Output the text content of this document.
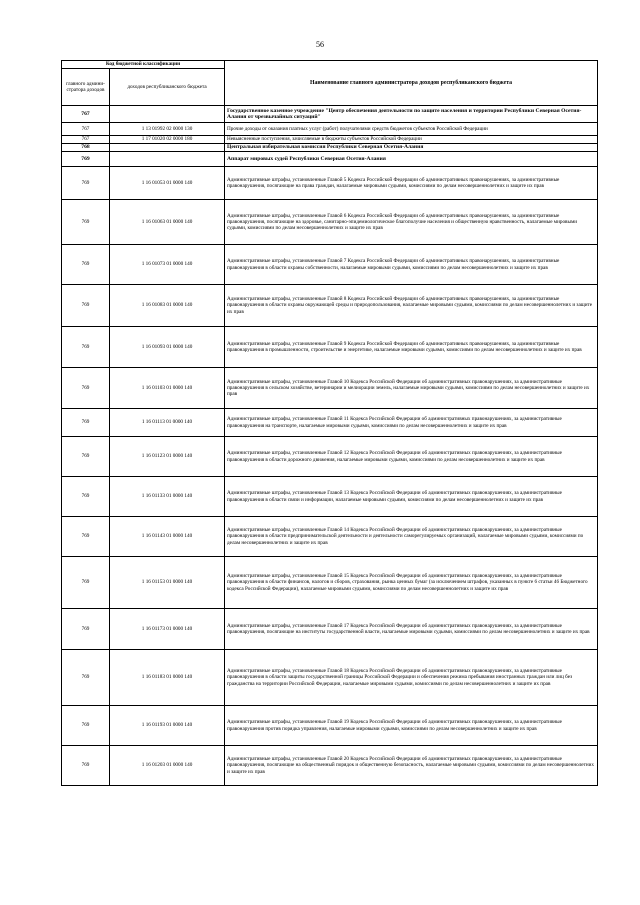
56
Код бюджетной классификации		Наименование главного администратора доходов республиканского бюджета
главного админи-стратора доходов	доходов республиканского бюджета	
767		Государственное казенное учреждение "Центр обеспечения деятельности по защите населения и территории Республики Северная Осетия-Алания от чрезвычайных ситуаций"
767	1 13 01992 02 0000 130	Прочие доходы от оказания платных услуг (работ) получателями средств бюджетов субъектов Российской Федерации
767	1 17 01020 02 0000 180	Невыясненные поступления, зачисляемые в бюджеты субъектов Российской Федерации
768		Центральная избирательная комиссия Республики Северная Осетия-Алания
769		Аппарат мировых судей Республики Северная Осетия-Алания
769	1 16 01053 01 0000 140	Административные штрафы, установленные Главой 5 Кодекса Российской Федерации об административных правонарушениях, за административные правонарушения, посягающие на права граждан, налагаемые мировыми судьями, комиссиями по делам несовершеннолетних и защите их прав
769	1 16 01063 01 0000 140	Административные штрафы, установленные Главой 6 Кодекса Российской Федерации об административных правонарушениях, за административные правонарушения, посягающие на здоровье, санитарно-эпидемиологическое благополучие населения и общественную нравственность, налагаемые мировыми судьями, комиссиями по делам несовершеннолетних и защите их прав
769	1 16 01073 01 0000 140	Административные штрафы, установленные Главой 7 Кодекса Российской Федерации об административных правонарушениях, за административные правонарушения в области охраны собственности, налагаемые мировыми судьями, комиссиями по делам несовершеннолетних и защите их прав
769	1 16 01083 01 0000 140	Административные штрафы, установленные Главой 8 Кодекса Российской Федерации об административных правонарушениях, за административные правонарушения в области охраны окружающей среды и природопользования, налагаемые мировыми судьями, комиссиями по делам несовершеннолетних и защите их прав
769	1 16 01093 01 0000 140	Административные штрафы, установленные Главой 9 Кодекса Российской Федерации об административных правонарушениях, за административные правонарушения в промышленности, строительстве и энергетике, налагаемые мировыми судьями, комиссиями по делам несовершеннолетних и защите их прав
769	1 16 01103 01 0000 140	Административные штрафы, установленные Главой 10 Кодекса Российской Федерации об административных правонарушениях, за административные правонарушения в сельском хозяйстве, ветеринарии и мелиорации земель, налагаемые мировыми судьями, комиссиями по делам несовершеннолетних и защите их прав
769	1 16 01113 01 0000 140	Административные штрафы, установленные Главой 11 Кодекса Российской Федерации об административных правонарушениях, за административные правонарушения на транспорте, налагаемые мировыми судьями, комиссиями по делам несовершеннолетних и защите их прав
769	1 16 01123 01 0000 140	Административные штрафы, установленные Главой 12 Кодекса Российской Федерации об административных правонарушениях, за административные правонарушения в области дорожного движения, налагаемые мировыми судьями, комиссиями по делам несовершеннолетних и защите их прав
769	1 16 01133 01 0000 140	Административные штрафы, установленные Главой 13 Кодекса Российской Федерации об административных правонарушениях, за административные правонарушения в области связи и информации, налагаемые мировыми судьями, комиссиями по делам несовершеннолетних и защите их прав
769	1 16 01143 01 0000 140	Административные штрафы, установленные Главой 14 Кодекса Российской Федерации об административных правонарушениях, за административные правонарушения в области предпринимательской деятельности и деятельности саморегулируемых организаций, налагаемые мировыми судьями, комиссиями по делам несовершеннолетних и защите их прав
769	1 16 01153 01 0000 140	Административные штрафы, установленные Главой 15 Кодекса Российской Федерации об административных правонарушениях, за административные правонарушения в области финансов, налогов и сборов, страхования, рынка ценных бумаг (за исключением штрафов, указанных в пункте 6 статьи 46 Бюджетного кодекса Российской Федерации), налагаемые мировыми судьями, комиссиями по делам несовершеннолетних и защите их прав
769	1 16 01173 01 0000 140	Административные штрафы, установленные Главой 17 Кодекса Российской Федерации об административных правонарушениях, за административные правонарушения, посягающие на институты государственной власти, налагаемые мировыми судьями, комиссиями по делам несовершеннолетних и защите их прав
769	1 16 01183 01 0000 140	Административные штрафы, установленные Главой 18 Кодекса Российской Федерации об административных правонарушениях, за административные правонарушения в области защиты государственной границы Российской Федерации и обеспечения режима пребывания иностранных граждан или лиц без гражданства на территории Российской Федерации, налагаемые мировыми судьями, комиссиями по делам несовершеннолетних и защите их прав
769	1 16 01193 01 0000 140	Административные штрафы, установленные Главой 19 Кодекса Российской Федерации об административных правонарушениях, за административные правонарушения против порядка управления, налагаемые мировыми судьями, комиссиями по делам несовершеннолетних и защите их прав
769	1 16 01203 01 0000 140	Административные штрафы, установленные Главой 20 Кодекса Российской Федерации об административных правонарушениях, за административные правонарушения, посягающие на общественный порядок и общественную безопасность, налагаемые мировыми судьями, комиссиями по делам несовершеннолетних и защите их прав
